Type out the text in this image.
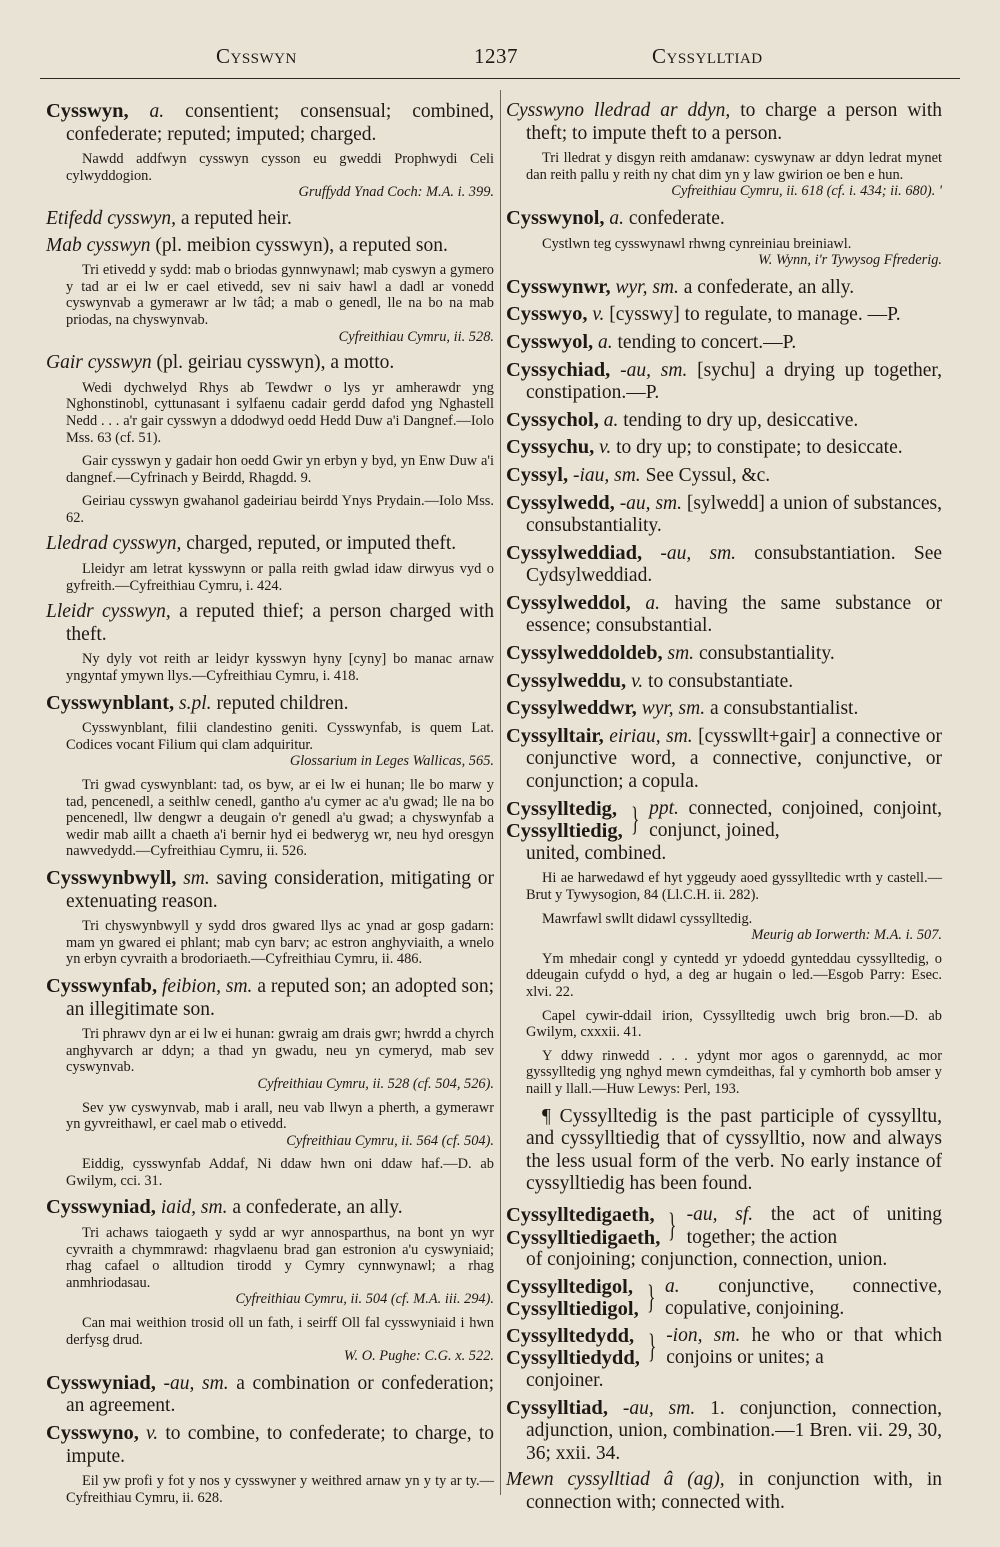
Cysswyn	1237	Cyssylltiad

Cysswyn, a. consentient; consensual; combined, confederate; reputed; imputed; charged.

Nawdd addfwyn cysswyn cysson eu gweddi Prophwydi Celi cylwyddogion.
Gruffydd Ynad Coch: M.A. i. 399.

Etifedd cysswyn, a reputed heir.

Mab cysswyn (pl. meibion cysswyn), a reputed son.

Tri etivedd y sydd: mab o briodas gynnwynawl; mab cyswyn a gymero y tad ar ei lw er cael etivedd, sev ni saiv hawl a dadl ar vonedd cyswynvab a gymerawr ar lw tâd; a mab o genedl, lle na bo na mab priodas, na chyswynvab.
Cyfreithiau Cymru, ii. 528.

Gair cysswyn (pl. geiriau cysswyn), a motto.

Wedi dychwelyd Rhys ab Tewdwr o lys yr amherawdr yng Nghonstinobl, cyttunasant i sylfaenu cadair gerdd dafod yng Nghastell Nedd . . . a'r gair cysswyn a ddodwyd oedd Hedd Duw a'i Dangnef.—Iolo Mss. 63 (cf. 51).

Gair cysswyn y gadair hon oedd Gwir yn erbyn y byd, yn Enw Duw a'i dangnef.—Cyfrinach y Beirdd, Rhagdd. 9.

Geiriau cysswyn gwahanol gadeiriau beirdd Ynys Prydain.—Iolo Mss. 62.

Lledrad cysswyn, charged, reputed, or imputed theft.

Lleidyr am letrat kysswynn or palla reith gwlad idaw dirwyus vyd o gyfreith.—Cyfreithiau Cymru, i. 424.

Lleidr cysswyn, a reputed thief; a person charged with theft.

Ny dyly vot reith ar leidyr kysswyn hyny [cyny] bo manac arnaw yngyntaf ymywn llys.—Cyfreithiau Cymru, i. 418.

Cysswynblant, s.pl. reputed children.

Cysswynblant, filii clandestino geniti. Cysswynfab, is quem Lat. Codices vocant Filium qui clam adquiritur.
Glossarium in Leges Wallicas, 565.

Tri gwad cyswynblant: tad, os byw, ar ei lw ei hunan; lle bo marw y tad, pencenedl, a seithlw cenedl, gantho a'u cymer ac a'u gwad; lle na bo pencenedl, llw dengwr a deugain o'r genedl a'u gwad; a chyswynfab a wedir mab aillt a chaeth a'i bernir hyd ei bedweryg wr, neu hyd oresgyn nawvedydd.—Cyfreithiau Cymru, ii. 526.

Cysswynbwyll, sm. saving consideration, mitigating or extenuating reason.

Tri chyswynbwyll y sydd dros gwared llys ac ynad ar gosp gadarn: mam yn gwared ei phlant; mab cyn barv; ac estron anghyviaith, a wnelo yn erbyn cyvraith a brodoriaeth.—Cyfreithiau Cymru, ii. 486.

Cysswynfab, feibion, sm. a reputed son; an adopted son; an illegitimate son.

Tri phrawv dyn ar ei lw ei hunan: gwraig am drais gwr; hwrdd a chyrch anghyvarch ar ddyn; a thad yn gwadu, neu yn cymeryd, mab sev cyswynvab.
Cyfreithiau Cymru, ii. 528 (cf. 504, 526).

Sev yw cyswynvab, mab i arall, neu vab llwyn a pherth, a gymerawr yn gyvreithawl, er cael mab o etivedd.
Cyfreithiau Cymru, ii. 564 (cf. 504).

Eiddig, cysswynfab Addaf, Ni ddaw hwn oni ddaw haf.—D. ab Gwilym, cci. 31.

Cysswyniad, iaid, sm. a confederate, an ally.

Tri achaws taiogaeth y sydd ar wyr annosparthus, na bont yn wyr cyvraith a chymmrawd: rhagvlaenu brad gan estronion a'u cyswyniaid; rhag cafael o alltudion tirodd y Cymry cynnwynawl; a rhag anmhriodasau.
Cyfreithiau Cymru, ii. 504 (cf. M.A. iii. 294).

Can mai weithion trosid oll un fath, i seirff Oll fal cysswyniaid i hwn derfysg drud.
W. O. Pughe: C.G. x. 522.

Cysswyniad, -au, sm. a combination or confederation; an agreement.

Cysswyno, v. to combine, to confederate; to charge, to impute.

Eil yw profi y fot y nos y cysswyner y weithred arnaw yn y ty ar ty.—Cyfreithiau Cymru, ii. 628.

Cysswyno lledrad ar ddyn, to charge a person with theft; to impute theft to a person.

Tri lledrat y disgyn reith amdanaw: cyswynaw ar ddyn ledrat mynet dan reith pallu y reith ny chat dim yn y law gwirion oe ben e hun.
Cyfreithiau Cymru, ii. 618 (cf. i. 434; ii. 680). '

Cysswynol, a. confederate.

Cystlwn teg cysswynawl rhwng cynreiniau breiniawl.
W. Wynn, i'r Tywysog Ffrederig.

Cysswynwr, wyr, sm. a confederate, an ally.

Cysswyo, v. [cysswy] to regulate, to manage. —P.

Cysswyol, a. tending to concert.—P.

Cyssychiad, -au, sm. [sychu] a drying up together, constipation.—P.

Cyssychol, a. tending to dry up, desiccative.

Cyssychu, v. to dry up; to constipate; to desiccate.

Cyssyl, -iau, sm. See Cyssul, &c.

Cyssylwedd, -au, sm. [sylwedd] a union of substances, consubstantiality.

Cyssylweddiad, -au, sm. consubstantiation. See Cydsylweddiad.

Cyssylweddol, a. having the same substance or essence; consubstantial.

Cyssylweddoldeb, sm. consubstantiality.

Cyssylweddu, v. to consubstantiate.

Cyssylweddwr, wyr, sm. a consubstantialist.

Cyssylltair, eiriau, sm. [cysswllt+gair] a connective or conjunctive word, a connective, conjunctive, or conjunction; a copula.

Cyssylltedig,
Cyssylltiedig, } ppt. connected, conjoined, conjoint, conjunct, joined,

united, combined.

Hi ae harwedawd ef hyt yggeudy aoed gyssylltedic wrth y castell.—Brut y Tywysogion, 84 (Ll.C.H. ii. 282).

Mawrfawl swllt didawl cyssylltedig.
Meurig ab Iorwerth: M.A. i. 507.

Ym mhedair congl y cyntedd yr ydoedd gynteddau cyssylltedig, o ddeugain cufydd o hyd, a deg ar hugain o led.—Esgob Parry: Esec. xlvi. 22.

Capel cywir-ddail irion, Cyssylltedig uwch brig bron.—D. ab Gwilym, cxxxii. 41.

Y ddwy rinwedd . . . ydynt mor agos o garennydd, ac mor gyssylltedig yng nghyd mewn cymdeithas, fal y cymhorth bob amser y naill y llall.—Huw Lewys: Perl, 193.

¶ Cyssylltedig is the past participle of cyssylltu, and cyssylltiedig that of cyssylltio, now and always the less usual form of the verb. No early instance of cyssylltiedig has been found.

Cyssylltedigaeth,
Cyssylltiedigaeth, } -au, sf. the act of uniting together; the action

of conjoining; conjunction, connection, union.

Cyssylltedigol,
Cyssylltiedigol, } a. conjunctive, connective, copulative, conjoining.
Cyssylltedydd,
Cyssylltiedydd, } -ion, sm. he who or that which conjoins or unites; a

conjoiner.

Cyssylltiad, -au, sm. 1. conjunction, connection, adjunction, union, combination.—1 Bren. vii. 29, 30, 36; xxii. 34.

Mewn cyssylltiad â (ag), in conjunction with, in connection with; connected with.
